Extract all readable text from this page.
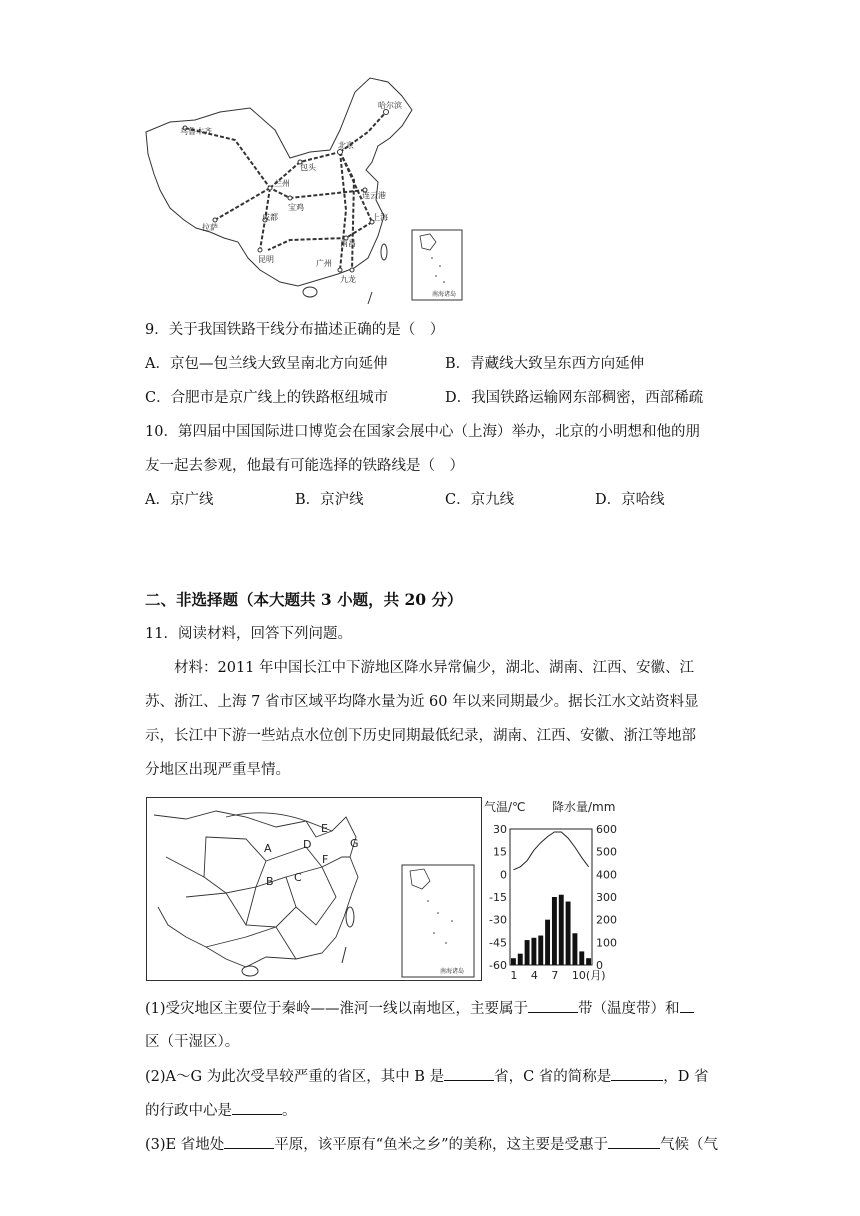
乌鲁木齐
哈尔滨
北京
包头
兰州
连云港
拉萨
成都
宝鸡
上海
南昌
昆明	广州
九龙
南海诸岛
9．关于我国铁路干线分布描述正确的是（　）
A．京包—包兰线大致呈南北方向延伸	B．青藏线大致呈东西方向延伸
C．合肥市是京广线上的铁路枢纽城市	D．我国铁路运输网东部稠密，西部稀疏
10．第四届中国国际进口博览会在国家会展中心（上海）举办，北京的小明想和他的朋
友一起去参观，他最有可能选择的铁路线是（　）
A．京广线	B．京沪线	C．京九线	D．京哈线
二、非选择题（本大题共 3 小题，共 20 分）
11．阅读材料，回答下列问题。
材料：2011 年中国长江中下游地区降水异常偏少，湖北、湖南、江西、安徽、江
苏、浙江、上海 7 省市区域平均降水量为近 60 年以来同期最少。据长江水文站资料显
示，长江中下游一些站点水位创下历史同期最低纪录，湖南、江西、安徽、浙江等地部
分地区出现严重旱情。
A
B C
D
E
F
G
南海诸岛
气温/℃ 降水量/mm
30
15
0
-15
-30
-45
-60
600
500
400
300
200
100
0
1 4 7 10(月)
(1)受灾地区主要位于秦岭——淮河一线以南地区，主要属于	带（温度带）和
区（干湿区）。
(2)A～G 为此次受旱较严重的省区，其中 B 是	省，C 省的简称是	，D 省
的行政中心是	。
(3)E 省地处	平原，该平原有“鱼米之乡”的美称，这主要是受惠于	气候（气
